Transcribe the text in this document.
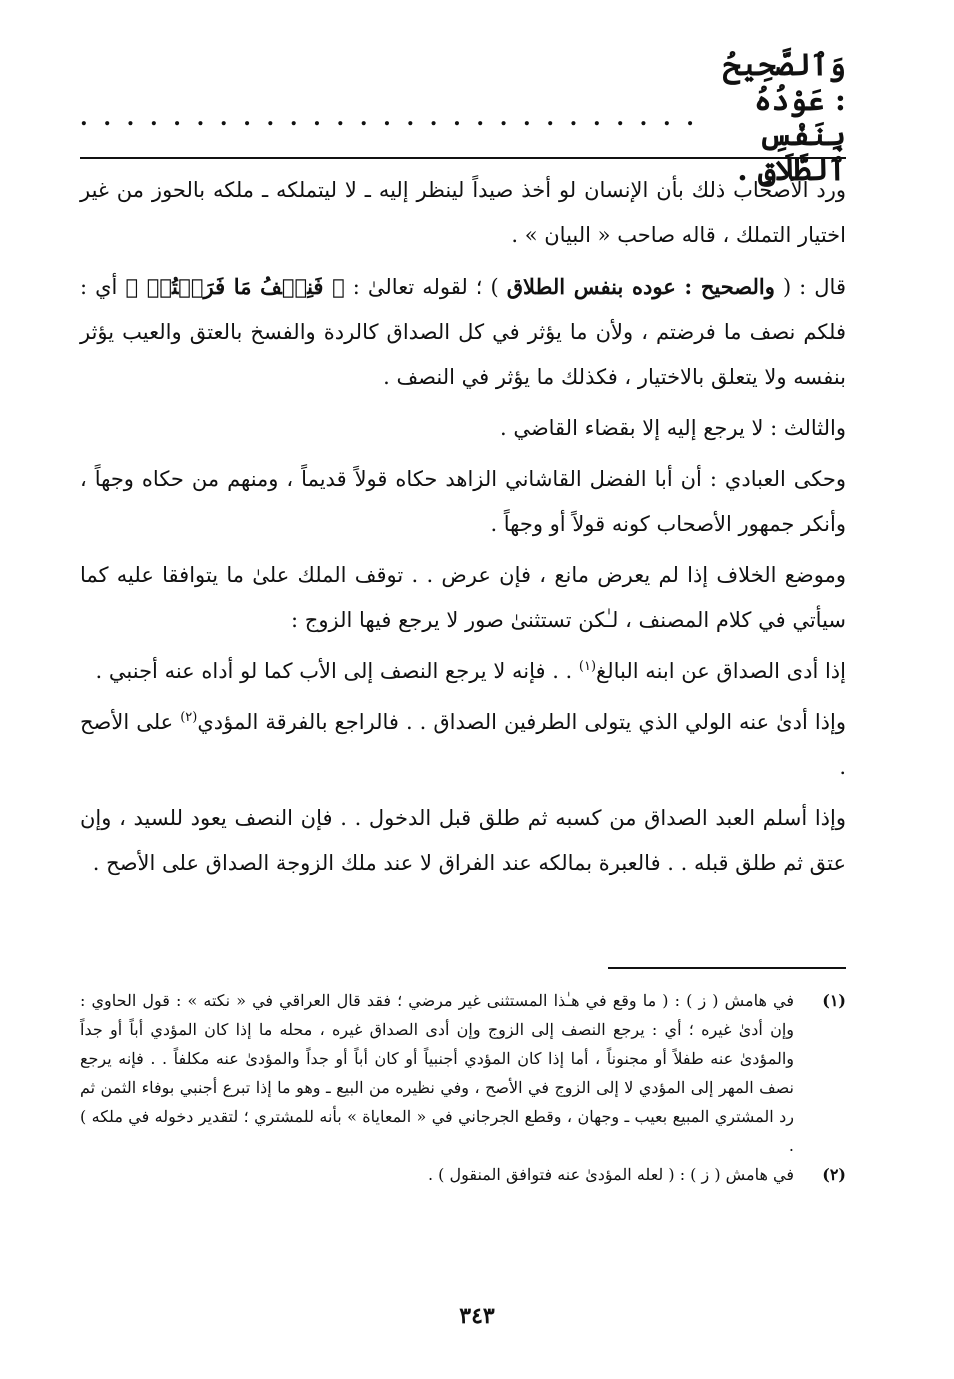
وَٱلصَّحِيحُ : عَوْدُهُ بِنَفْسِ ٱلطَّلَاقِ .
. . . . . . . . . . . . . . . . . . . . . . . . . . .

ورد الأصحاب ذلك بأن الإنسان لو أخذ صيداً لينظر إليه ـ لا ليتملكه ـ ملكه بالحوز من غير اختيار التملك ، قاله صاحب « البيان » .

قال : ( والصحيح : عوده بنفس الطلاق ) ؛ لقوله تعالىٰ : ﴿ فَنِصۡفُ مَا فَرَضۡتُمۡ ﴾ أي : فلكم نصف ما فرضتم ، ولأن ما يؤثر في كل الصداق كالردة والفسخ بالعتق والعيب يؤثر بنفسه ولا يتعلق بالاختيار ، فكذلك ما يؤثر في النصف .

والثالث : لا يرجع إليه إلا بقضاء القاضي .

وحكى العبادي : أن أبا الفضل القاشاني الزاهد حكاه قولاً قديماً ، ومنهم من حكاه وجهاً ، وأنكر جمهور الأصحاب كونه قولاً أو وجهاً .

وموضع الخلاف إذا لم يعرض مانع ، فإن عرض . . توقف الملك علىٰ ما يتوافقا عليه كما سيأتي في كلام المصنف ، لـٰكن تستثنىٰ صور لا يرجع فيها الزوج :

إذا أدى الصداق عن ابنه البالغ$^{(١)}$ . . فإنه لا يرجع النصف إلى الأب كما لو أداه عنه أجنبي .

وإذا أدىٰ عنه الولي الذي يتولى الطرفين الصداق . . فالراجع بالفرقة المؤدي$^{(٢)}$ على الأصح .

وإذا أسلم العبد الصداق من كسبه ثم طلق قبل الدخول . . فإن النصف يعود للسيد ، وإن عتق ثم طلق قبله . . فالعبرة بمالكه عند الفراق لا عند ملك الزوجة الصداق على الأصح .

(١)
في هامش ( ز ) : ( ما وقع في هـٰذا المستثنى غير مرضي ؛ فقد قال العراقي في « نكته » : قول الحاوي : وإن أدىٰ غيره ؛ أي : يرجع النصف إلى الزوج وإن أدى الصداق غيره ، محله ما إذا كان المؤدي أباً أو جداً والمؤدىٰ عنه طفلاً أو مجنوناً ، أما إذا كان المؤدي أجنبياً أو كان أباً أو جداً والمؤدىٰ عنه مكلفاً . . فإنه يرجع نصف المهر إلى المؤدي لا إلى الزوج في الأصح ، وفي نظيره من البيع ـ وهو ما إذا تبرع أجنبي بوفاء الثمن ثم رد المشتري المبيع بعيب ـ وجهان ، وقطع الجرجاني في « المعاياة » بأنه للمشتري ؛ لتقدير دخوله في ملكه ) .
(٢)
في هامش ( ز ) : ( لعله المؤدىٰ عنه فتوافق المنقول ) .
٣٤٣
